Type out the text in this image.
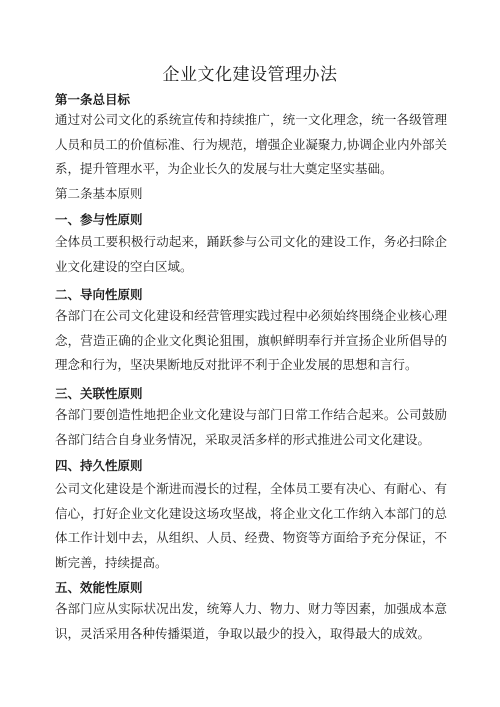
企业文化建设管理办法
第一条总目标
通过对公司文化的系统宣传和持续推广，统一文化理念，统一各级管理人员和员工的价值标准、行为规范，增强企业凝聚力,协调企业内外部关系，提升管理水平，为企业长久的发展与壮大奠定坚实基础。
第二条基本原则
一、参与性原则
全体员工要积极行动起来，踊跃参与公司文化的建设工作，务必扫除企业文化建设的空白区域。
二、导向性原则
各部门在公司文化建设和经营管理实践过程中必须始终围绕企业核心理念，营造正确的企业文化舆论狙围，旗帜鲜明奉行并宣扬企业所倡导的理念和行为，坚决果断地反对批评不利于企业发展的思想和言行。
三、关联性原则
各部门要创造性地把企业文化建设与部门日常工作结合起来。公司鼓励各部门结合自身业务情况，采取灵活多样的形式推进公司文化建设。
四、持久性原则
公司文化建设是个渐进而漫长的过程，全体员工要有决心、有耐心、有信心，打好企业文化建设这场攻坚战，将企业文化工作纳入本部门的总体工作计划中去，从组织、人员、经费、物资等方面给予充分保证，不断完善，持续提高。
五、效能性原则
各部门应从实际状况出发，统筹人力、物力、财力等因素，加强成本意识，灵活采用各种传播渠道，争取以最少的投入，取得最大的成效。
